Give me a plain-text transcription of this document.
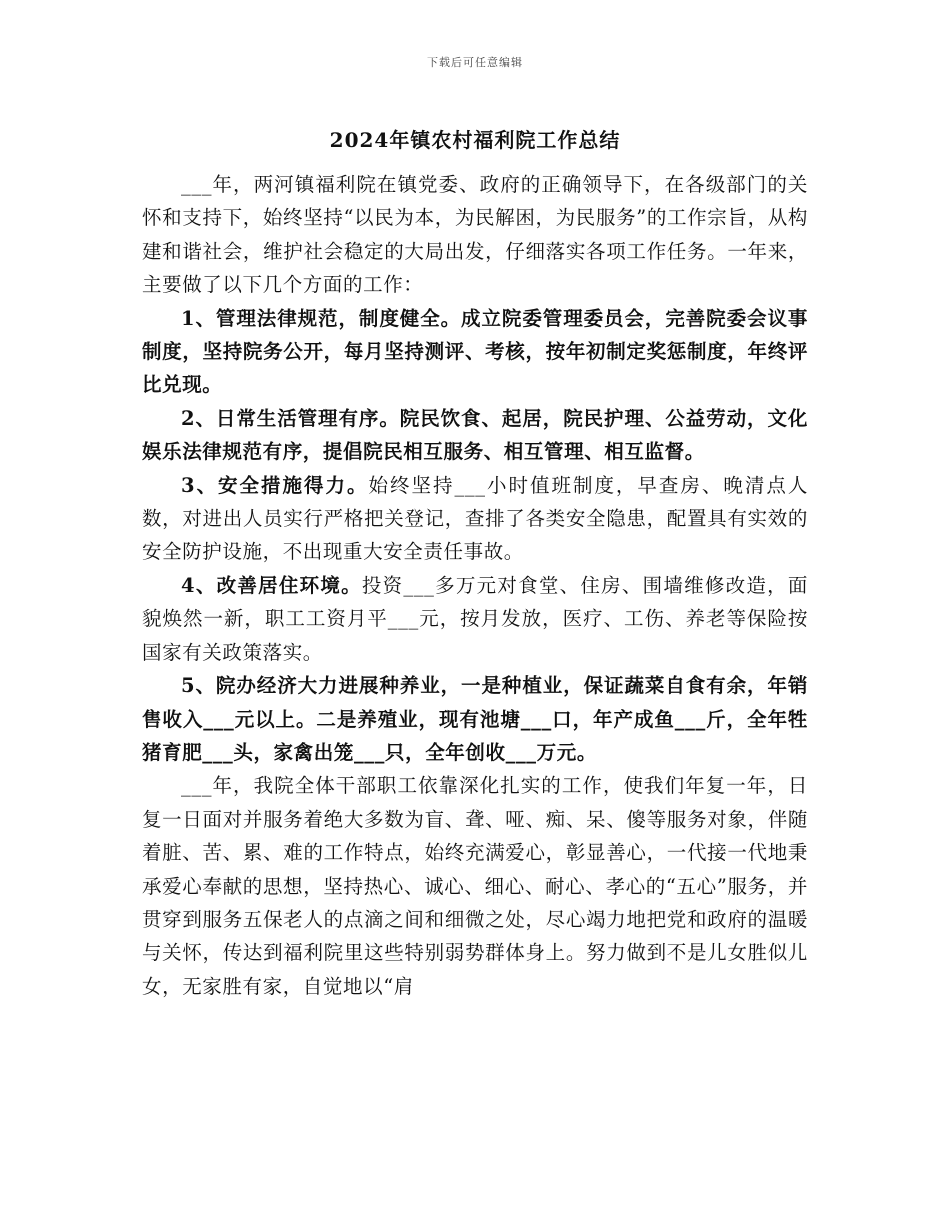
下载后可任意编辑
2024年镇农村福利院工作总结

___年，两河镇福利院在镇党委、政府的正确领导下，在各级部门的关怀和支持下，始终坚持“以民为本，为民解困，为民服务”的工作宗旨，从构建和谐社会，维护社会稳定的大局出发，仔细落实各项工作任务。一年来，主要做了以下几个方面的工作：

1、管理法律规范，制度健全。成立院委管理委员会，完善院委会议事制度，坚持院务公开，每月坚持测评、考核，按年初制定奖惩制度，年终评比兑现。

2、日常生活管理有序。院民饮食、起居，院民护理、公益劳动，文化娱乐法律规范有序，提倡院民相互服务、相互管理、相互监督。

3、安全措施得力。始终坚持___小时值班制度，早查房、晚清点人数，对进出人员实行严格把关登记，查排了各类安全隐患，配置具有实效的安全防护设施，不出现重大安全责任事故。

4、改善居住环境。投资___多万元对食堂、住房、围墙维修改造，面貌焕然一新，职工工资月平___元，按月发放，医疗、工伤、养老等保险按国家有关政策落实。

5、院办经济大力进展种养业，一是种植业，保证蔬菜自食有余，年销售收入___元以上。二是养殖业，现有池塘___口，年产成鱼___斤，全年牲猪育肥___头，家禽出笼___只，全年创收___万元。

___年，我院全体干部职工依靠深化扎实的工作，使我们年复一年，日复一日面对并服务着绝大多数为盲、聋、哑、痴、呆、傻等服务对象，伴随着脏、苦、累、难的工作特点，始终充满爱心，彰显善心，一代接一代地秉承爱心奉献的思想，坚持热心、诚心、细心、耐心、孝心的“五心”服务，并贯穿到服务五保老人的点滴之间和细微之处，尽心竭力地把党和政府的温暖与关怀，传达到福利院里这些特别弱势群体身上。努力做到不是儿女胜似儿女，无家胜有家，自觉地以“肩
